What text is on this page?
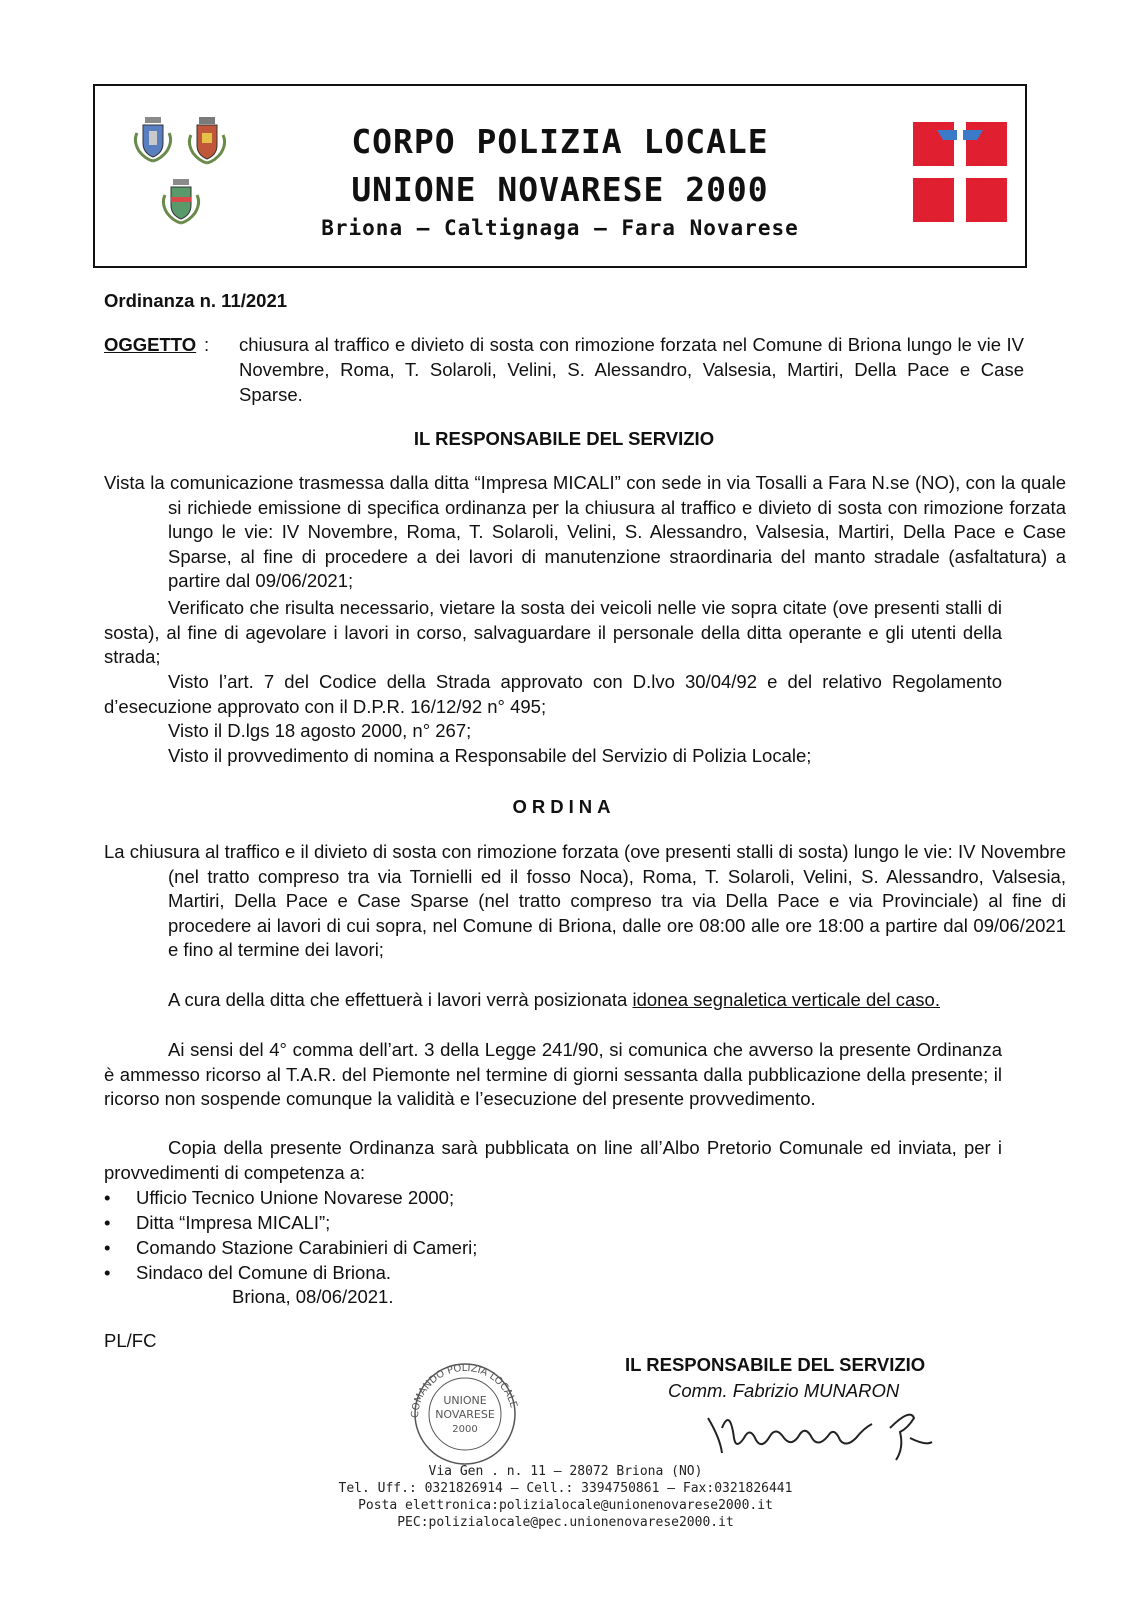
CORPO POLIZIA LOCALE
UNIONE NOVARESE 2000
Briona – Caltignaga – Fara Novarese
Ordinanza n. 11/2021
OGGETTO : chiusura al traffico e divieto di sosta con rimozione forzata nel Comune di Briona lungo le vie IV Novembre, Roma, T. Solaroli, Velini, S. Alessandro, Valsesia, Martiri, Della Pace e Case Sparse.
IL RESPONSABILE DEL SERVIZIO
Vista la comunicazione trasmessa dalla ditta “Impresa MICALI” con sede in via Tosalli a Fara N.se (NO), con la quale si richiede emissione di specifica ordinanza per la chiusura al traffico e divieto di sosta con rimozione forzata lungo le vie: IV Novembre, Roma, T. Solaroli, Velini, S. Alessandro, Valsesia, Martiri, Della Pace e Case Sparse, al fine di procedere a dei lavori di manutenzione straordinaria del manto stradale (asfaltatura) a partire dal 09/06/2021;
Verificato che risulta necessario, vietare la sosta dei veicoli nelle vie sopra citate (ove presenti stalli di sosta), al fine di agevolare i lavori in corso, salvaguardare il personale della ditta operante e gli utenti della strada;
Visto l’art. 7 del Codice della Strada approvato con D.lvo 30/04/92 e del relativo Regolamento d’esecuzione approvato con il D.P.R. 16/12/92 n° 495;
Visto il D.lgs 18 agosto 2000, n° 267;
Visto il provvedimento di nomina a Responsabile del Servizio di Polizia Locale;
ORDINA
La chiusura al traffico e il divieto di sosta con rimozione forzata (ove presenti stalli di sosta) lungo le vie: IV Novembre (nel tratto compreso tra via Tornielli ed il fosso Noca), Roma, T. Solaroli, Velini, S. Alessandro, Valsesia, Martiri, Della Pace e Case Sparse (nel tratto compreso tra via Della Pace e via Provinciale) al fine di procedere ai lavori di cui sopra, nel Comune di Briona, dalle ore 08:00 alle ore 18:00 a partire dal 09/06/2021 e fino al termine dei lavori;
A cura della ditta che effettuerà i lavori verrà posizionata idonea segnaletica verticale del caso.
Ai sensi del 4° comma dell’art. 3 della Legge 241/90, si comunica che avverso la presente Ordinanza è ammesso ricorso al T.A.R. del Piemonte nel termine di giorni sessanta dalla pubblicazione della presente; il ricorso non sospende comunque la validità e l’esecuzione del presente provvedimento.
Copia della presente Ordinanza sarà pubblicata on line all’Albo Pretorio Comunale ed inviata, per i provvedimenti di competenza a:
• Ufficio Tecnico Unione Novarese 2000;
• Ditta “Impresa MICALI”;
• Comando Stazione Carabinieri di Cameri;
• Sindaco del Comune di Briona.
Briona, 08/06/2021.
PL/FC
COMANDO POLIZIA LOCALE
UNIONE
NOVARESE
2000
IL RESPONSABILE DEL SERVIZIO
Comm. Fabrizio MUNARON
Via Gen . n. 11 – 28072 Briona (NO)
Tel. Uff.: 0321826914 – Cell.: 3394750861 – Fax:0321826441
Posta elettronica:polizialocale@unionenovarese2000.it
PEC:polizialocale@pec.unionenovarese2000.it
